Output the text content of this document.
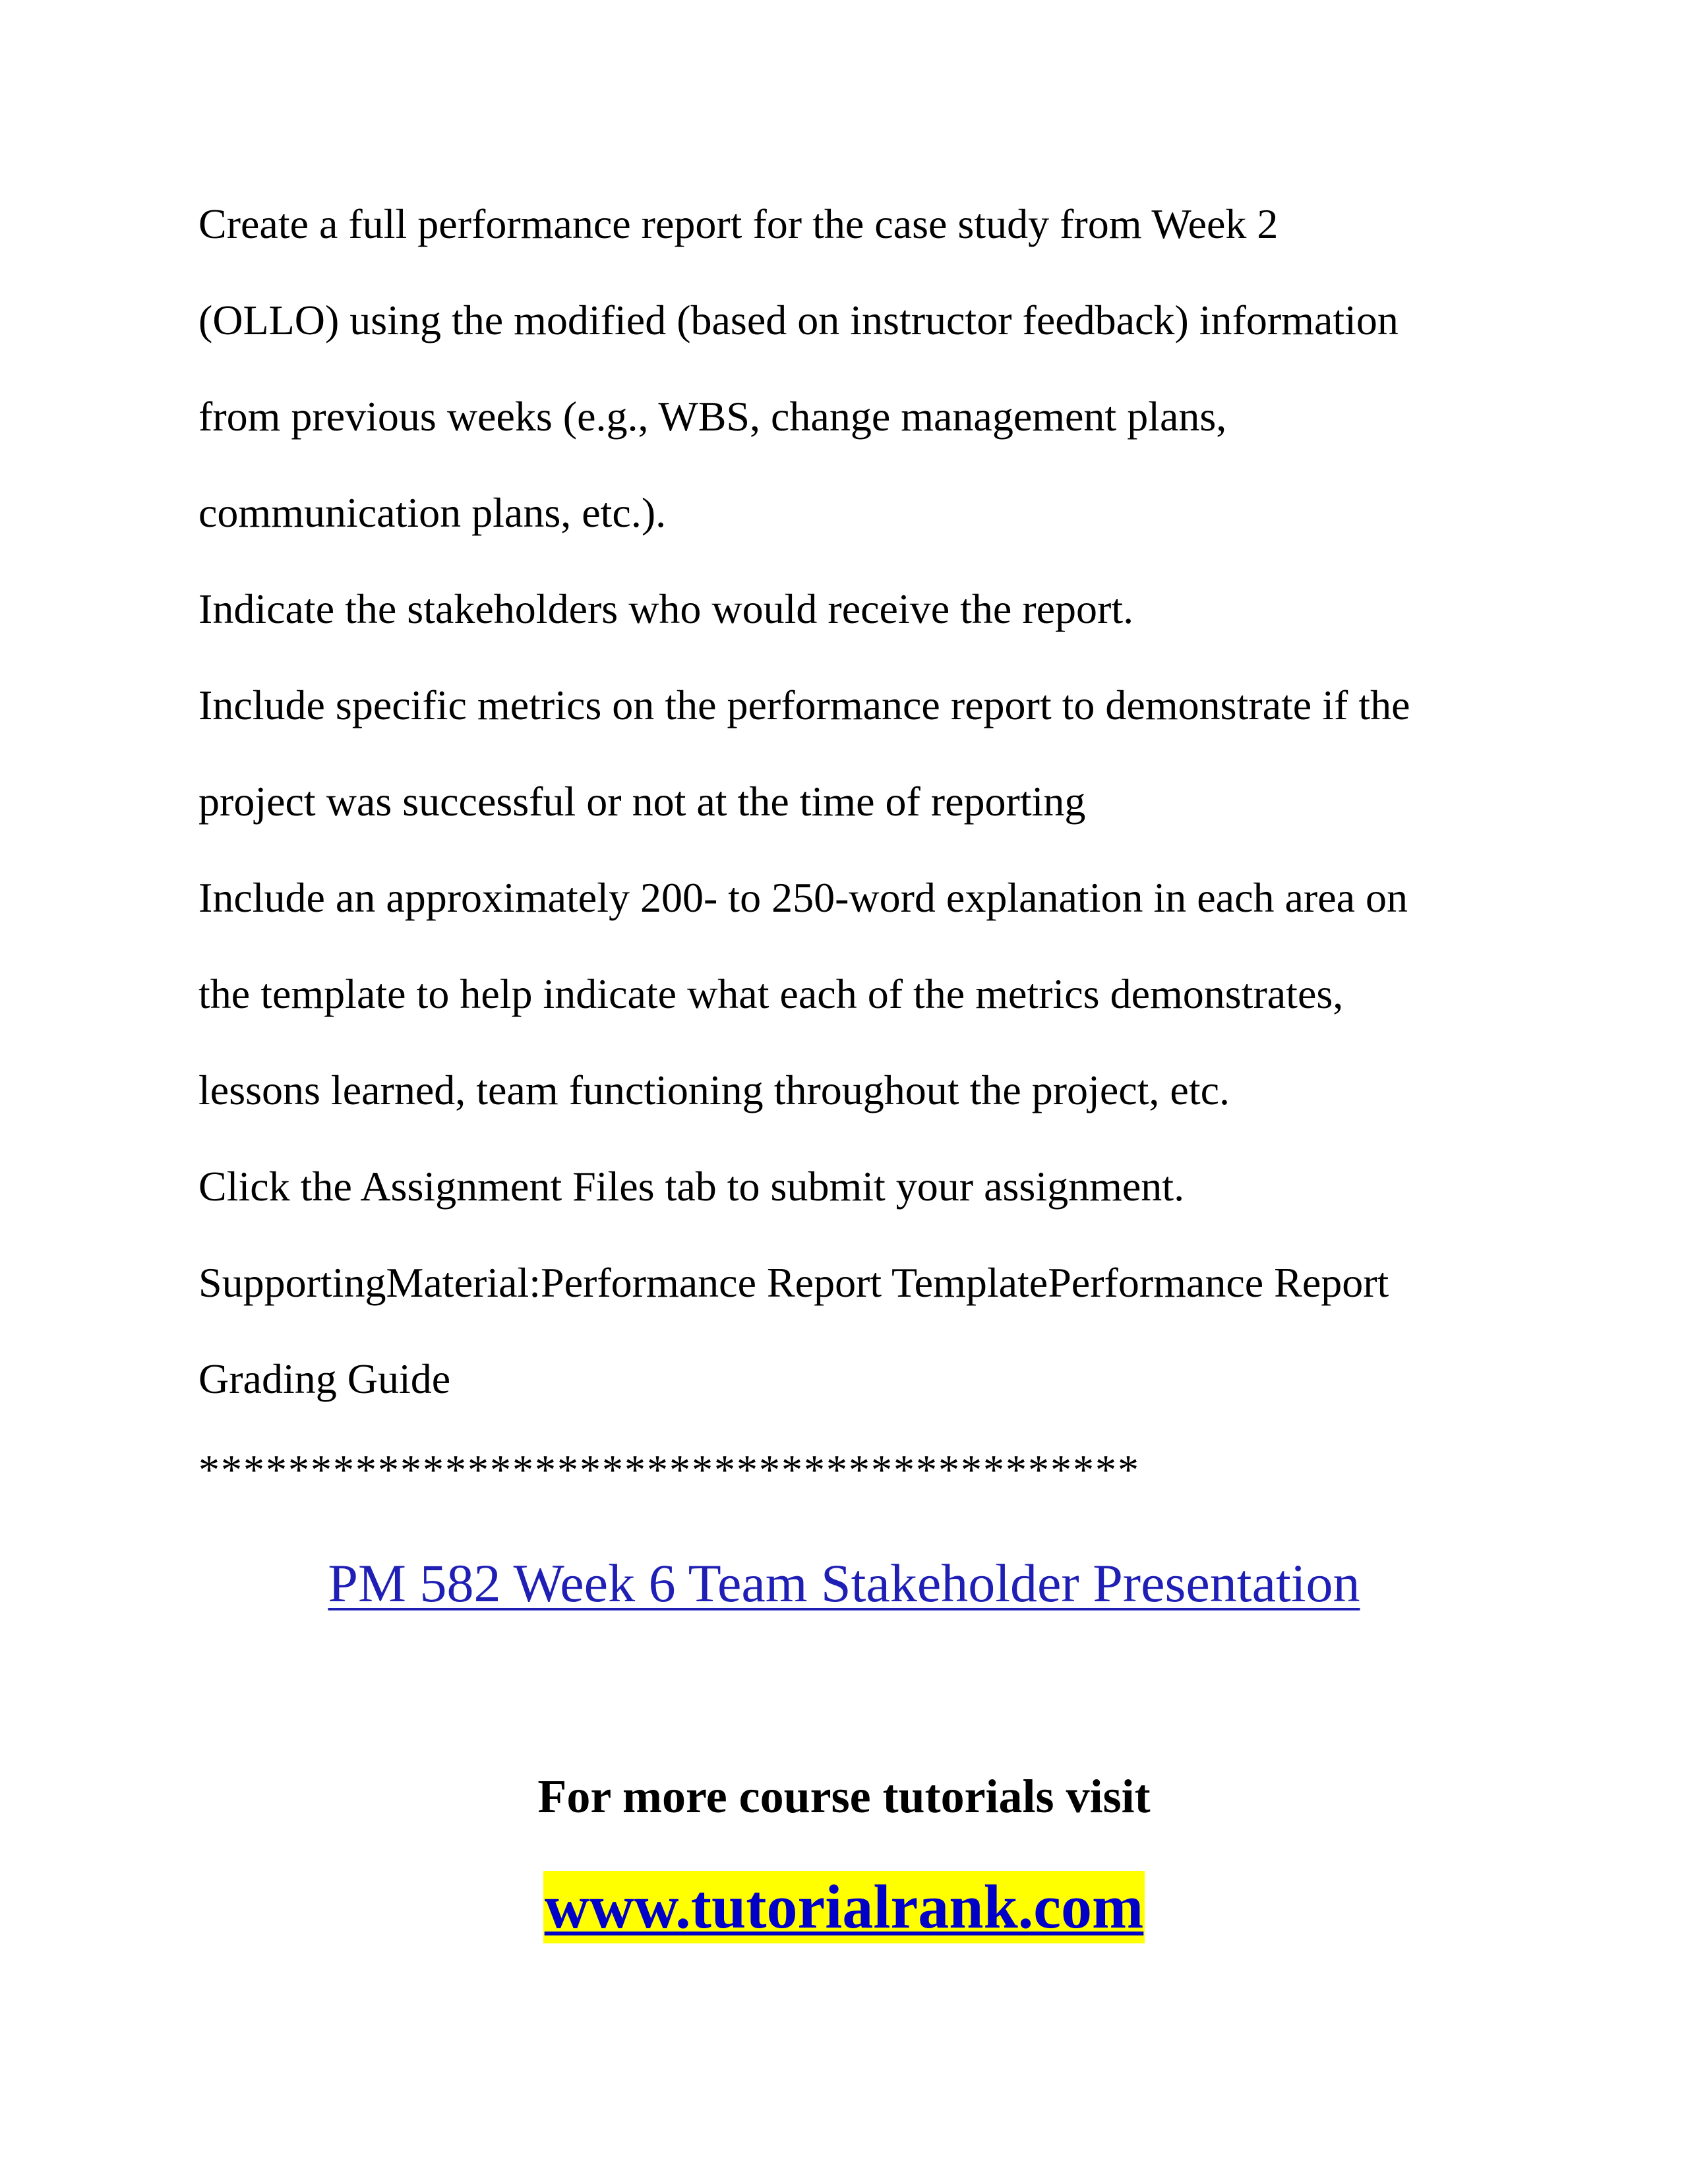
Create a full performance report for the case study from Week 2
(OLLO) using the modified (based on instructor feedback) information
from previous weeks (e.g., WBS, change management plans,
communication plans, etc.).
Indicate the stakeholders who would receive the report.
Include specific metrics on the performance report to demonstrate if the
project was successful or not at the time of reporting
Include an approximately 200- to 250-word explanation in each area on
the template to help indicate what each of the metrics demonstrates,
lessons learned, team functioning throughout the project, etc.
Click the Assignment Files tab to submit your assignment.
SupportingMaterial:Performance Report TemplatePerformance Report
Grading Guide
******************************************
PM 582 Week 6 Team Stakeholder Presentation
For more course tutorials visit
www.tutorialrank.com
